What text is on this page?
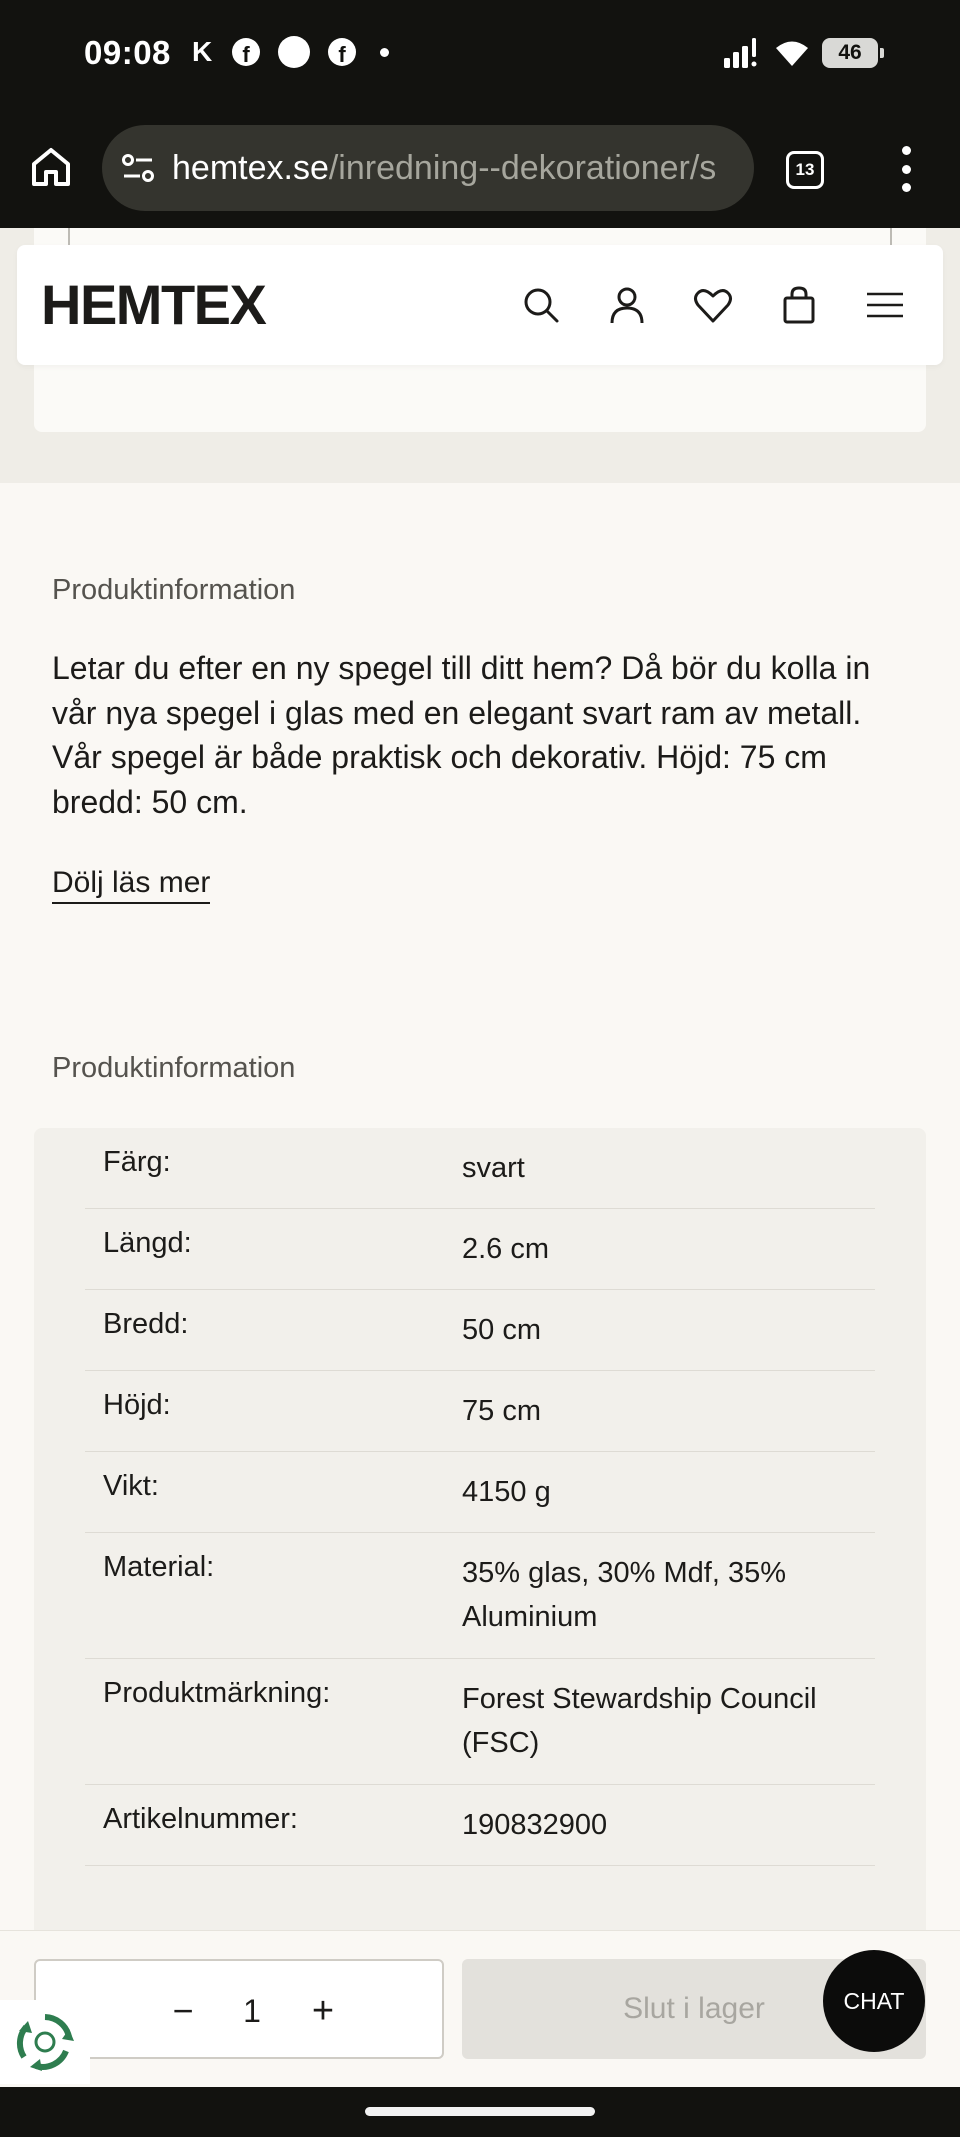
09:08 K	f	f	46
hemtex.se/inredning--dekorationer/s	13
HEMTEX
Produktinformation
Letar du efter en ny spegel till ditt hem? Då bör du kolla in vår nya spegel i glas med en elegant svart ram av metall. Vår spegel är både praktisk och dekorativ. Höjd: 75 cm bredd: 50 cm.
Dölj läs mer
Produktinformation
Färg:	svart
Längd:	2.6 cm
Bredd:	50 cm
Höjd:	75 cm
Vikt:	4150 g
Material:	35% glas, 30% Mdf, 35% Aluminium
Produktmärkning:	Forest Stewardship Council (FSC)
Artikelnummer:	190832900
−	1	+	Slut i lager	CHAT
